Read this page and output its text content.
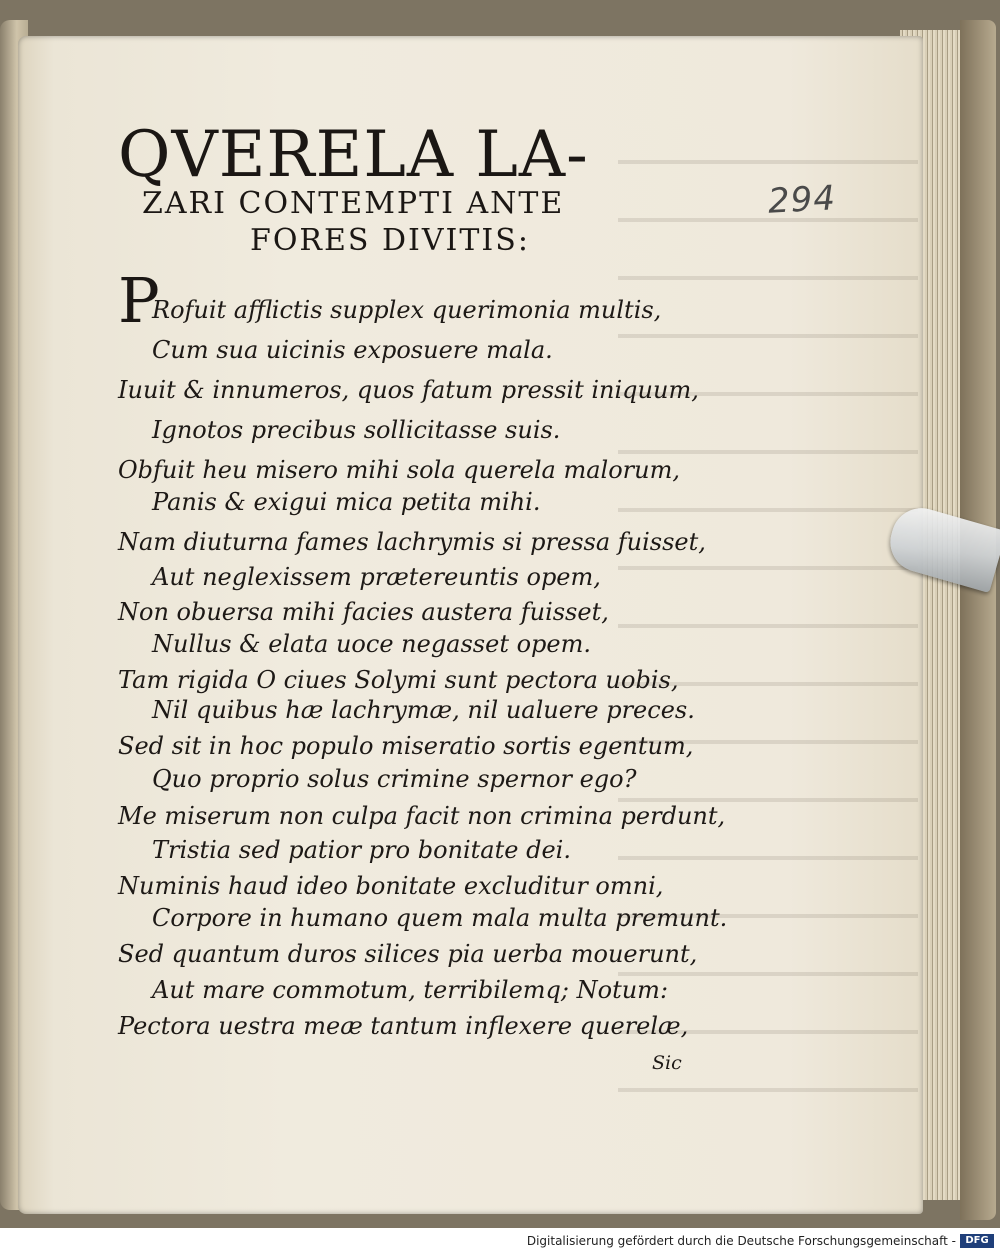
294
QVERELA LA-
ZARI CONTEMPTI ANTE
FORES DIVITIS:
P
Rofuit afflictis supplex querimonia multis,
Cum sua uicinis exposuere mala.
Iuuit & innumeros, quos fatum pressit iniquum,
Ignotos precibus sollicitasse suis.
Obfuit heu misero mihi sola querela malorum,
Panis & exigui mica petita mihi.
Nam diuturna fames lachrymis si pressa fuisset,
Aut neglexissem prætereuntis opem,
Non obuersa mihi facies austera fuisset,
Nullus & elata uoce negasset opem.
Tam rigida O ciues Solymi sunt pectora uobis,
Nil quibus hæ lachrymæ, nil ualuere preces.
Sed sit in hoc populo miseratio sortis egentum,
Quo proprio solus crimine spernor ego?
Me miserum non culpa facit non crimina perdunt,
Tristia sed patior pro bonitate dei.
Numinis haud ideo bonitate excluditur omni,
Corpore in humano quem mala multa premunt.
Sed quantum duros silices pia uerba mouerunt,
Aut mare commotum, terribilemq; Notum:
Pectora uestra meæ tantum inflexere querelæ,
Sic
Digitalisierung gefördert durch die Deutsche Forschungsgemeinschaft - DFG
